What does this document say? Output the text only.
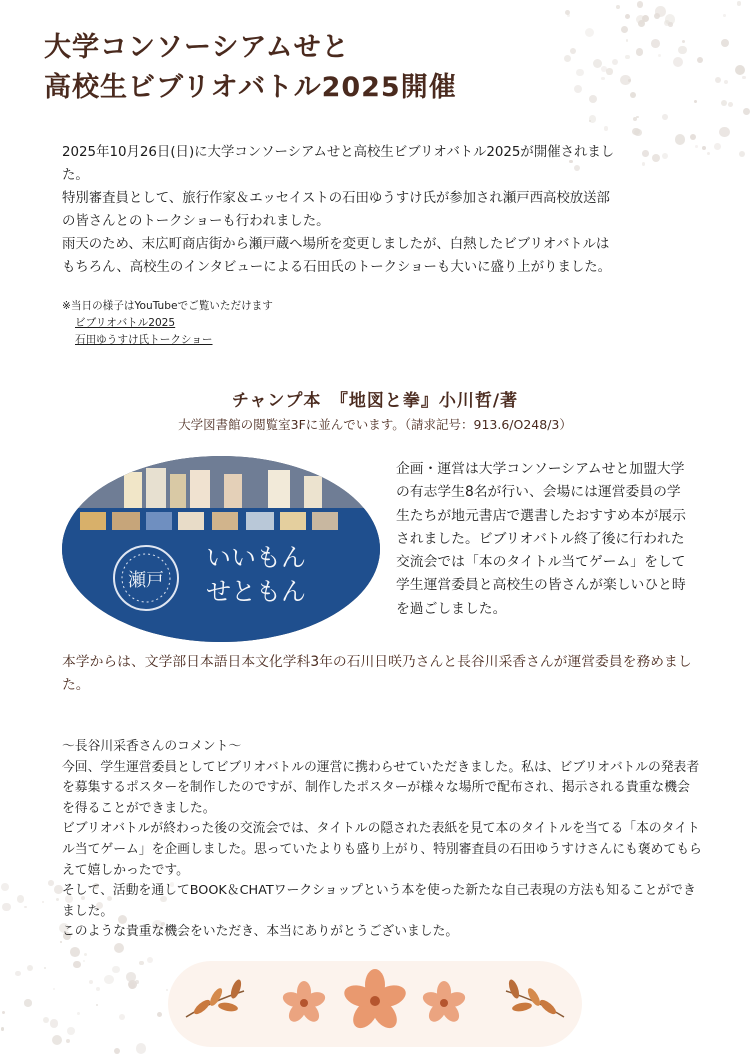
大学コンソーシアムせと
高校生ビブリオバトル2025開催

2025年10月26日(日)に大学コンソーシアムせと高校生ビブリオバトル2025が開催されました。

特別審査員として、旅行作家＆エッセイストの石田ゆうすけ氏が参加され瀬戸西高校放送部の皆さんとのトークショーも行われました。

雨天のため、末広町商店街から瀬戸蔵へ場所を変更しましたが、白熱したビブリオバトルはもちろん、高校生のインタビューによる石田氏のトークショーも大いに盛り上がりました。

※当日の様子はYouTubeでご覧いただけます
ビブリオバトル2025
石田ゆうすけ氏トークショー
チャンプ本　『地図と拳』小川哲/著
大学図書館の閲覧室3Fに並んでいます。（請求記号：913.6/O248/3）
瀬戸
いいもん
せともん

企画・運営は大学コンソーシアムせと加盟大学の有志学生8名が行い、会場には運営委員の学生たちが地元書店で選書したおすすめ本が展示されました。ビブリオバトル終了後に行われた交流会では「本のタイトル当てゲーム」をして学生運営委員と高校生の皆さんが楽しいひと時を過ごしました。

本学からは、文学部日本語日本文化学科3年の石川日咲乃さんと長谷川采香さんが運営委員を務めました。

～長谷川采香さんのコメント～

今回、学生運営委員としてビブリオバトルの運営に携わらせていただきました。私は、ビブリオバトルの発表者を募集するポスターを制作したのですが、制作したポスターが様々な場所で配布され、掲示される貴重な機会を得ることができました。

ビブリオバトルが終わった後の交流会では、タイトルの隠された表紙を見て本のタイトルを当てる「本のタイトル当てゲーム」を企画しました。思っていたよりも盛り上がり、特別審査員の石田ゆうすけさんにも褒めてもらえて嬉しかったです。

そして、活動を通してBOOK＆CHATワークショップという本を使った新たな自己表現の方法も知ることができました。

このような貴重な機会をいただき、本当にありがとうございました。
